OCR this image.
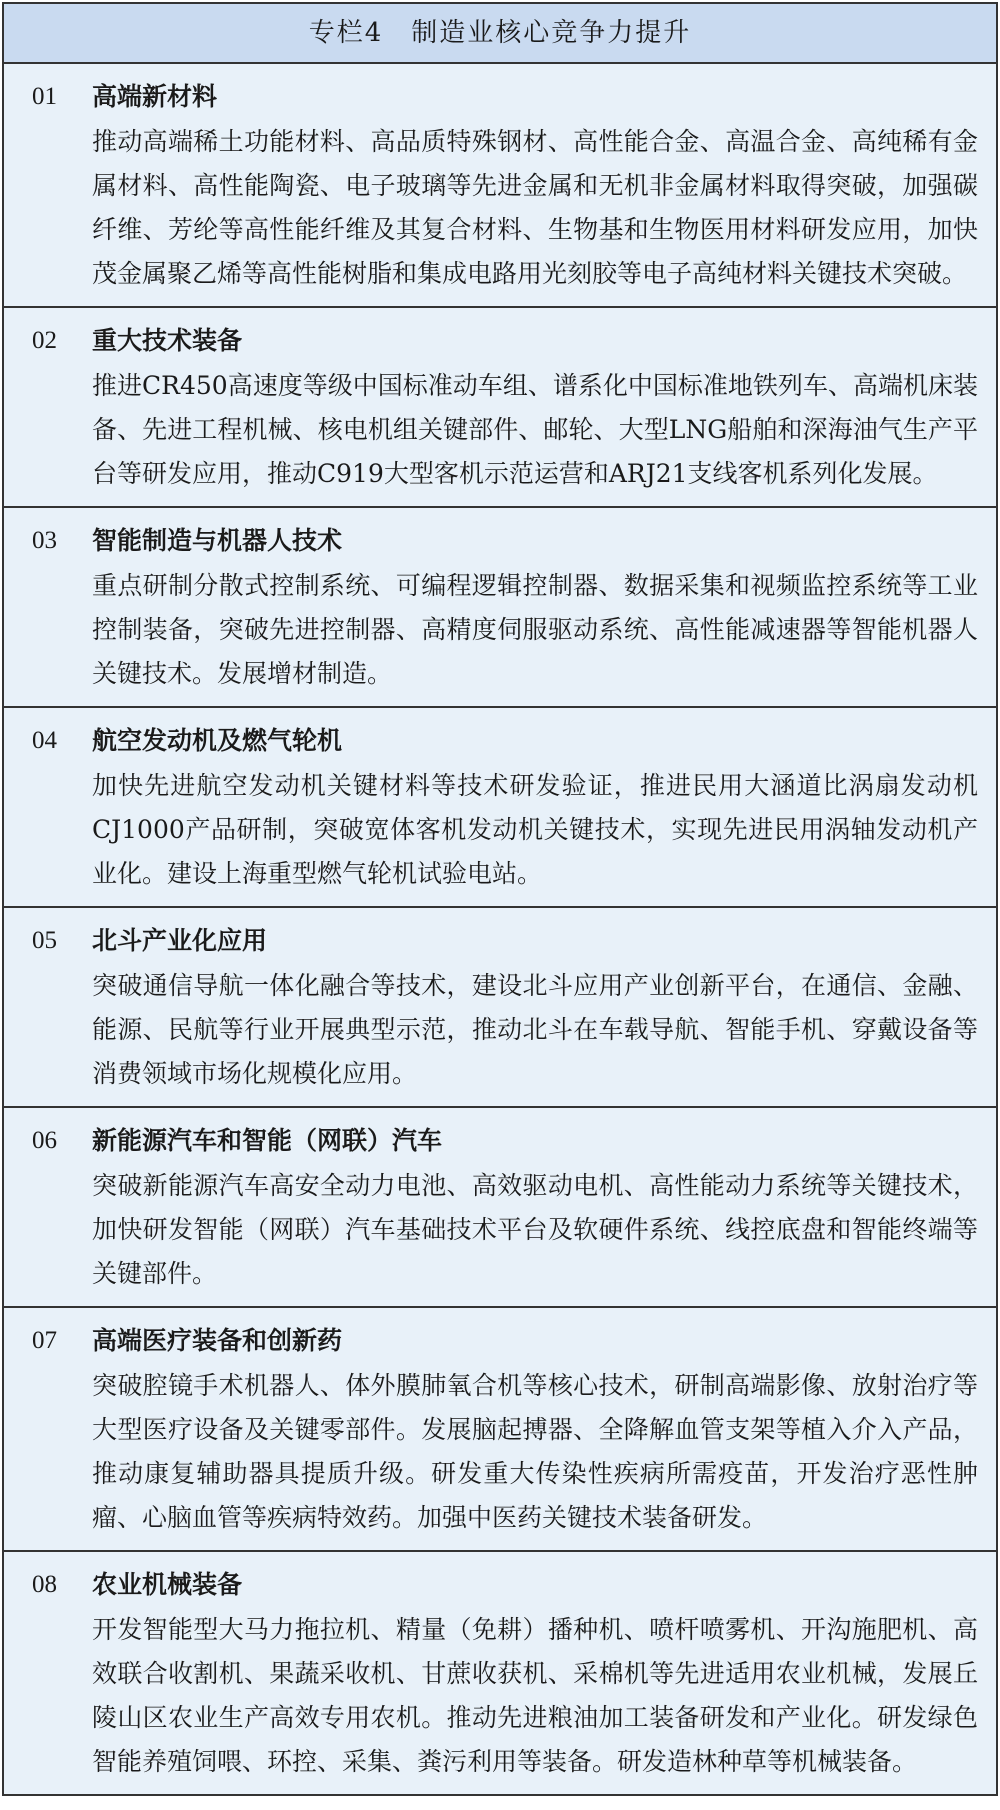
专栏4　制造业核心竞争力提升
01	高端新材料
推动高端稀土功能材料、高品质特殊钢材、高性能合金、高温合金、高纯稀有金属材料、高性能陶瓷、电子玻璃等先进金属和无机非金属材料取得突破，加强碳纤维、芳纶等高性能纤维及其复合材料、生物基和生物医用材料研发应用，加快茂金属聚乙烯等高性能树脂和集成电路用光刻胶等电子高纯材料关键技术突破。
02	重大技术装备
推进CR450高速度等级中国标准动车组、谱系化中国标准地铁列车、高端机床装备、先进工程机械、核电机组关键部件、邮轮、大型LNG船舶和深海油气生产平台等研发应用，推动C919大型客机示范运营和ARJ21支线客机系列化发展。
03	智能制造与机器人技术
重点研制分散式控制系统、可编程逻辑控制器、数据采集和视频监控系统等工业控制装备，突破先进控制器、高精度伺服驱动系统、高性能减速器等智能机器人关键技术。发展增材制造。
04	航空发动机及燃气轮机
加快先进航空发动机关键材料等技术研发验证，推进民用大涵道比涡扇发动机CJ1000产品研制，突破宽体客机发动机关键技术，实现先进民用涡轴发动机产业化。建设上海重型燃气轮机试验电站。
05	北斗产业化应用
突破通信导航一体化融合等技术，建设北斗应用产业创新平台，在通信、金融、能源、民航等行业开展典型示范，推动北斗在车载导航、智能手机、穿戴设备等消费领域市场化规模化应用。
06	新能源汽车和智能（网联）汽车
突破新能源汽车高安全动力电池、高效驱动电机、高性能动力系统等关键技术，加快研发智能（网联）汽车基础技术平台及软硬件系统、线控底盘和智能终端等关键部件。
07	高端医疗装备和创新药
突破腔镜手术机器人、体外膜肺氧合机等核心技术，研制高端影像、放射治疗等大型医疗设备及关键零部件。发展脑起搏器、全降解血管支架等植入介入产品，推动康复辅助器具提质升级。研发重大传染性疾病所需疫苗，开发治疗恶性肿瘤、心脑血管等疾病特效药。加强中医药关键技术装备研发。
08	农业机械装备
开发智能型大马力拖拉机、精量（免耕）播种机、喷杆喷雾机、开沟施肥机、高效联合收割机、果蔬采收机、甘蔗收获机、采棉机等先进适用农业机械，发展丘陵山区农业生产高效专用农机。推动先进粮油加工装备研发和产业化。研发绿色智能养殖饲喂、环控、采集、粪污利用等装备。研发造林种草等机械装备。
